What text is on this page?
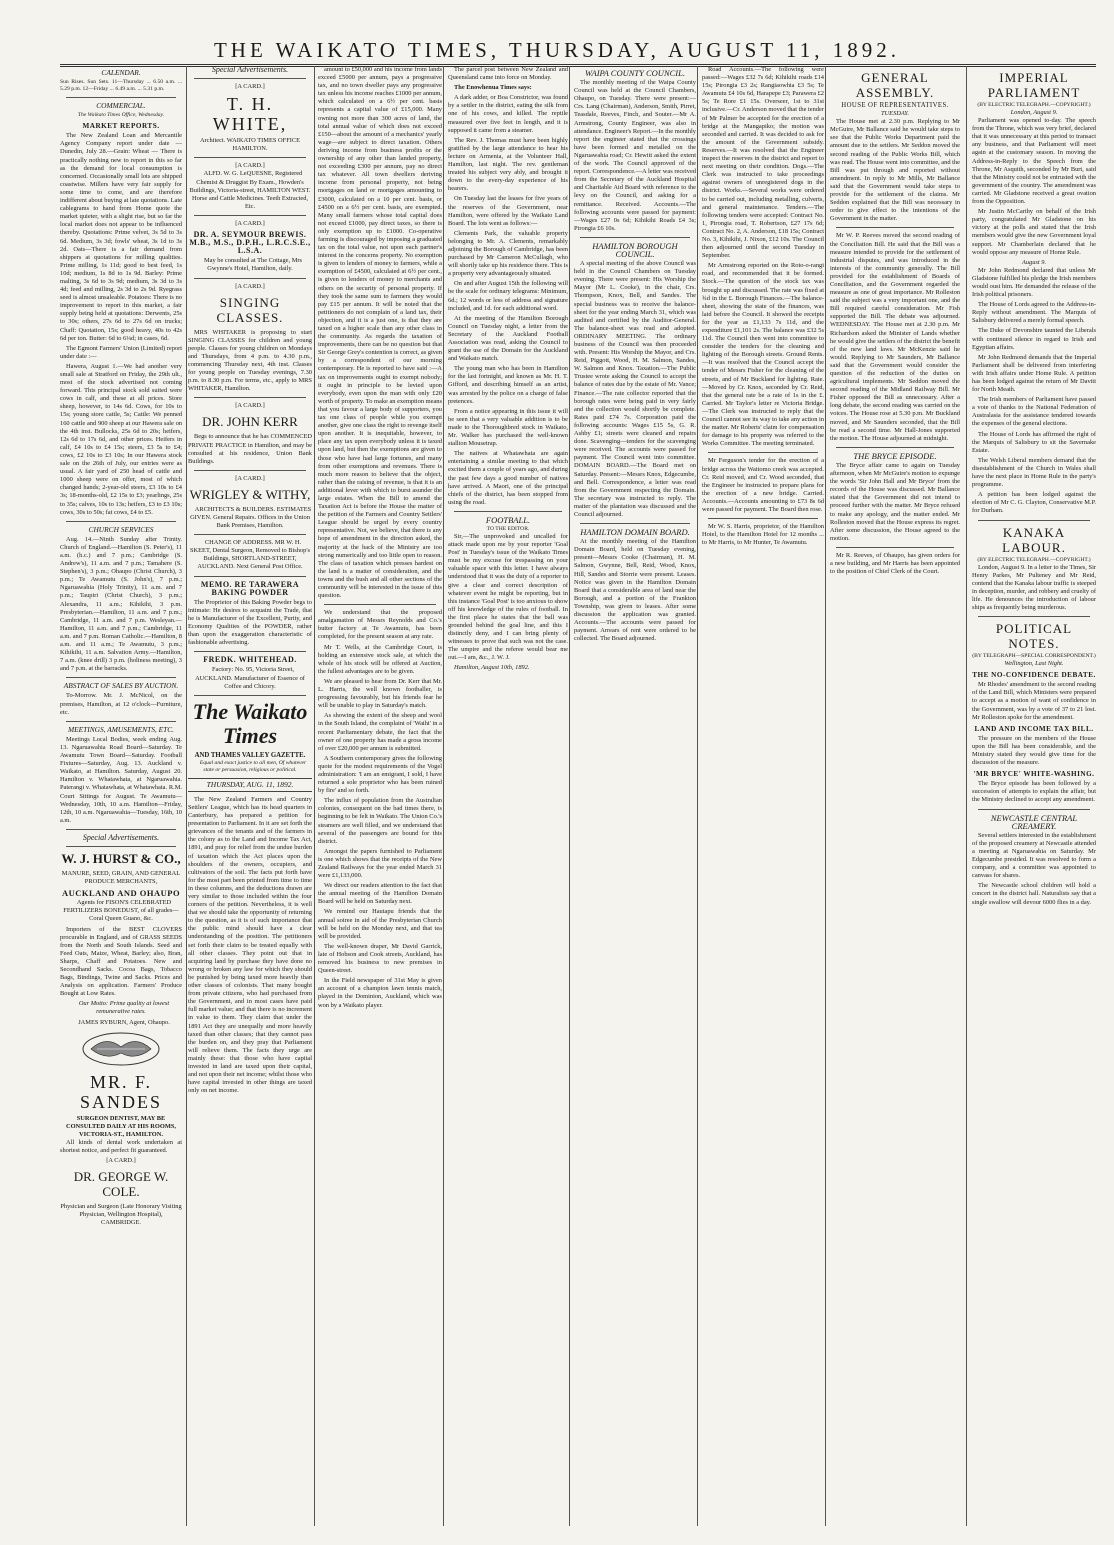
THE WAIKATO TIMES, THURSDAY, AUGUST 11, 1892.
CALENDAR.
Sun Rises. Sun Sets. 11—Thursday ... 6.50 a.m. ... 5.29 p.m. 12—Friday ... 6.49 a.m. ... 5.31 p.m.
COMMERCIAL.
The Waikato Times Office, Wednesday.
MARKET REPORTS.

The New Zealand Loan and Mercantile Agency Company report under date — Dunedin, July 28.—Grain: Wheat — There is practically nothing new to report in this so far as the demand for local consumption is concerned. Occasionally small lots are shipped coastwise. Millers have very fair supply for some time to come, and are therefore indifferent about buying at late quotations. Late cablegrams to hand from Home quote the market quieter, with a slight rise, but so far the local market does not appear to be influenced thereby. Quotations: Prime velvet, 3s 5d to 3s 6d. Medium, 3s 3d; fowls' wheat, 3s 1d to 3s 2d. Oats—There is a fair demand from shippers at quotations for milling qualities. Prime milling, 1s 11d; good to best feed, 1s 10d; medium, 1s 8d to 1s 9d. Barley: Prime malting, 3s 6d to 3s 9d; medium, 3s 3d to 3s 4d; feed and milling, 2s 3d to 2s 9d. Ryegrass seed is almost unsaleable. Potatoes: There is no improvement to report in this market, a fair supply being held at quotations: Derwents, 25s to 30s; others, 27s 6d to 27s 6d on trucks; Chaff: Quotation, 15s; good heavy, 40s to 42s 6d per ton. Butter: 6d to 6¼d; in cases, 6d.

The Egmont Farmers' Union (Limited) report under date :—

Hawera, August 1.—We had another very small sale at Stratford on Friday, the 29th ult., most of the stock advertised not coming forward. This principal stock sold suited were cows in calf, and these at all prices. Store sheep, however, to 14s 6d. Cows, for 10s to 15s; young store cattle, 5s; Cattle: We penned 160 cattle and 900 sheep at our Hawera sale on the 4th inst. Bullocks, 25s 6d to 20s; heifers, 12s 6d to 17s 6d, and other prices. Heifers in calf, £4 10s to £4 15s; steers, £3 5s to £4; cows, £2 10s to £3 10s; In our Hawera stock sale on the 26th of July, our entries were as usual. A fair yard of 250 head of cattle and 1000 sheep were on offer, most of which changed hands; 2-year-old steers, £3 10s to £4 3s; 18-months-old, £2 15s to £3; yearlings, 25s to 35s; calves, 10s to 13s; heifers, £3 to £3 10s; cows, 30s to 50s; fat cows, £4 to £5.

CHURCH SERVICES

Aug. 14.—Ninth Sunday after Trinity. Church of England.—Hamilton (S. Peter's), 11 a.m. (h.c.) and 7 p.m.; Cambridge (S. Andrew's), 11 a.m. and 7 p.m.; Tamahere (S. Stephen's), 3 p.m.; Ohaupo (Christ Church), 3 p.m.; Te Awamutu (S. John's), 7 p.m.; Ngaruawahia (Holy Trinity), 11 a.m. and 7 p.m.; Taupiri (Christ Church), 3 p.m.; Alexandra, 11 a.m.; Kihikihi, 3 p.m. Presbyterian.—Hamilton, 11 a.m. and 7 p.m.; Cambridge, 11 a.m. and 7 p.m. Wesleyan.—Hamilton, 11 a.m. and 7 p.m.; Cambridge, 11 a.m. and 7 p.m. Roman Catholic.—Hamilton, 8 a.m. and 11 a.m.; Te Awamutu, 3 p.m.; Kihikihi, 11 a.m. Salvation Army.—Hamilton, 7 a.m. (knee drill) 3 p.m. (holiness meeting), 3 and 7 p.m. at the barracks.

ABSTRACT OF SALES BY AUCTION.

To-Morrow. Mr. J. McNicol, on the premises, Hamilton, at 12 o'clock—Furniture, etc.

MEETINGS, AMUSEMENTS, ETC.

Meetings Local Bodies, week ending Aug. 13. Ngaruawahia Road Board—Saturday. Te Awamutu Town Board—Saturday. Football Fixtures—Saturday, Aug. 13. Auckland v. Waikato, at Hamilton. Saturday, August 20. Hamilton v. Whatawhata, at Ngaruawahia. Paterangi v. Whatawhata, at Whatawhata. R.M. Court Sittings for August. Te Awamutu—Wednesday, 10th, 10 a.m. Hamilton—Friday, 12th, 10 a.m. Ngaruawahia—Tuesday, 16th, 10 a.m.

Special Advertisements.
W. J. HURST & CO.,
MANURE, SEED, GRAIN, AND GENERAL PRODUCE MERCHANTS,
AUCKLAND AND OHAUPO

Agents for FISON'S CELEBRATED FERTILIZERS BONEDUST, of all grades—Coral Queen Guano, &c.

Importers of the BEST CLOVERS procurable in England, and of GRASS SEEDS from the North and South Islands. Seed and Feed Oats, Maize, Wheat, Barley; also, Bran, Sharps, Chaff and Potatoes. New and Secondhand Sacks. Cocoa Bags, Tobacco Bags, Bindings, Twine and Sacks. Prices and Analysis on application. Farmers' Produce Bought at Low Rates.

Our Motto: Prime quality at lowest remunerative rates.

JAMES RYBURN, Agent, Ohaupo.

MR. F. SANDES
SURGEON DENTIST, MAY BE CONSULTED DAILY AT HIS ROOMS, VICTORIA-ST., HAMILTON.

All kinds of dental work undertaken at shortest notice, and perfect fit guaranteed.

[A CARD.]
DR. GEORGE W. COLE.
Physician and Surgeon (Late Honorary Visiting Physician, Wellington Hospital), CAMBRIDGE.
Special Advertisements.
[A CARD.]
T. H. WHITE,
Architect. WAIKATO TIMES OFFICE HAMILTON.
[A CARD.]

ALFD. W. G. LeQUESNE, Registered Chemist & Druggist By Exam., Howden's Buildings, Victoria-street, HAMILTON WEST. Horse and Cattle Medicines. Teeth Extracted, Etc.

[A CARD.]
DR. A. SEYMOUR BREWIS. M.B., M.S., D.P.H., L.R.C.S.E., L.S.A.

May be consulted at The Cottage, Mrs Gwynne's Hotel, Hamilton, daily.

[A CARD.]
SINGING CLASSES.

MRS WHITAKER is proposing to start SINGING CLASSES for children and young people. Classes for young children on Mondays and Thursdays, from 4 p.m. to 4.30 p.m., commencing Thursday next, 4th inst. Classes for young people on Tuesday evenings, 7.30 p.m. to 8.30 p.m. For terms, etc., apply to MRS WHITAKER, Hamilton.

[A CARD.]
DR. JOHN KERR

Begs to announce that he has COMMENCED PRIVATE PRACTICE in Hamilton, and may be consulted at his residence, Union Bank Buildings.

[A CARD.]
WRIGLEY & WITHY,

ARCHITECTS & BUILDERS. ESTIMATES GIVEN. General Repairs. Offices in the Union Bank Premises, Hamilton.

CHANGE OF ADDRESS. MR W. H. SKEET, Dental Surgeon, Removed to Bishop's Buildings, SHORTLAND-STREET, AUCKLAND. Next General Post Office.

MEMO. RE TARAWERA BAKING POWDER

The Proprietor of this Baking Powder begs to intimate: He desires to acquaint the Trade, that he is Manufacturer of the Excellent, Purity, and Economy Qualities of the POWDER, rather than upon the exaggeration characteristic of fashionable advertising.

FREDK. WHITEHEAD.

Factory: No. 95, Victoria Street, AUCKLAND. Manufacturer of Essence of Coffee and Chicory.

The Waikato Times
AND THAMES VALLEY GAZETTE.

Equal and exact justice to all men, Of whatever state or persuasion, religious or political.

THURSDAY, AUG. 11, 1892.

The New Zealand Farmers and Country Settlers' League, which has its head quarters in Canterbury, has prepared a petition for presentation to Parliament. In it are set forth the grievances of the tenants and of the farmers in the colony as to the Land and Income Tax Act, 1891, and pray for relief from the undue burden of taxation which the Act places upon the shoulders of the owners, occupiers, and cultivators of the soil. The facts put forth have for the most part been printed from time to time in these columns, and the deductions drawn are very similar to those included within the four corners of the petition. Nevertheless, it is well that we should take the opportunity of returning to the question, as it is of such importance that the public mind should have a clear understanding of the position. The petitioners set forth their claim to be treated equally with all other classes. They point out that in acquiring land by purchase they have done no wrong or broken any law for which they should be punished by being taxed more heavily than other classes of colonists. That many bought from private citizens, who had purchased from the Government, and in most cases have paid full market value; and that there is no increment in value to them. They claim that under the 1891 Act they are unequally and more heavily taxed than other classes; that they cannot pass the burden on, and they pray that Parliament will relieve them. The facts they urge are mainly these: that those who have capital invested in land are taxed upon their capital, and not upon their net income; whilst those who have capital invested in other things are taxed only on net income.

amount to £50,000 and his income from lands exceed £5000 per annum, pays a progressive tax, and no town dweller pays any progressive tax unless his income reaches £1000 per annum, which calculated on a 6½ per cent. basis represents a capital value of £15,000. Many owning not more than 300 acres of land, the total annual value of which does not exceed £150—about the amount of a mechanics' yearly wage—are subject to direct taxation. Others deriving income from business profits or the ownership of any other than landed property, not exceeding £300 per annum, pay no direct tax whatever. All town dwellers deriving income from personal property, not being mortgages on land or mortgages amounting to £3000, calculated on a 10 per cent. basis, or £4500 on a 6½ per cent. basis, are exempted. Many small farmers whose total capital does not exceed £1000, pay direct taxes, so there is only exemption up to £1000. Co-operative farming is discouraged by imposing a graduated tax on the total value, not upon each partner's interest in the concerns property. No exemption is given to lenders of money to farmers, while a exemption of £4500, calculated at 6½ per cent., is given to lenders of money to merchants and others on the security of personal property. If they took the same sum to farmers they would pay £15 per annum. It will be noted that the petitioners do not complain of a land tax, their objection, and it is a just one, is that they are taxed on a higher scale than any other class in the community. As regards the taxation of improvements, there can be no question but that Sir George Grey's contention is correct, as given by a correspondent of our morning contemporary. He is reported to have said :—A tax on improvements ought to exempt nobody; it ought in principle to be levied upon everybody, even upon the man with only £20 worth of property. To make an exemption means that you favour a large body of supporters, you tax one class of people while you exempt another, give one class the right to revenge itself upon another. It is inequitable, however, to place any tax upon everybody unless it is taxed upon land, but then the exemptions are given to those who have had large fortunes, and many from other exemptions and revenues. There is much more reason to believe that the object, rather than the raising of revenue, is that it is an additional lever with which to burst asunder the large estates. When the Bill to amend the Taxation Act is before the House the matter of the petition of the Farmers and Country Settlers' League should be urged by every country representative. Not, we believe, that there is any hope of amendment in the direction asked, the majority at the back of the Ministry are too strong numerically and too little open to reason. The class of taxation which presses hardest on the land is a matter of consideration, and the towns and the bush and all other sections of the community will be interested in the issue of this question.

We understand that the proposed amalgamation of Messrs Reynolds and Co.'s butter factory at Te Awamutu, has been completed, for the present season at any rate.

Mr T. Wells, at the Cambridge Court, is holding an extensive stock sale, at which the whole of his stock will be offered at Auction, the fullest advantages are to be given.

We are pleased to hear from Dr. Kerr that Mr. L. Harris, the well known footballer, is progressing favourably, but his friends fear he will be unable to play in Saturday's match.

As showing the extent of the sheep and wool in the South Island, the complaint of 'Waihi' in a recent Parliamentary debate, the fact that the owner of one property has made a gross income of over £20,000 per annum is submitted.

A Southern contemporary gives the following quote for the modest requirements of the Vogel administration: 'I am an emigrant, I sold, I have returned a sole proprietor who has been ruined by fire' and so forth.

The influx of population from the Australian colonies, consequent on the bad times there, is beginning to be felt in Waikato. The Union Co.'s steamers are well filled, and we understand that several of the passengers are bound for this district.

Amongst the papers furnished to Parliament is one which shows that the receipts of the New Zealand Railways for the year ended March 31 were £1,133,000.

We direct our readers attention to the fact that the annual meeting of the Hamilton Domain Board will be held on Saturday next.

We remind our Hautapu friends that the annual soiree in aid of the Presbyterian Church will be held on the Monday next, and that tea will be provided.

The well-known draper, Mr David Garrick, late of Hobson and Cook streets, Auckland, has removed his business to new premises in Queen-street.

In the Field newspaper of 31st May is given an account of a champion lawn tennis match, played in the Dominion, Auckland, which was won by a Waikato player.

The parcel post between New Zealand and Queensland came into force on Monday.

The Enowhenua Times says:

A dark adder, or Boa Constrictor, was found by a settler in the district, eating the silk from one of his cows, and killed. The reptile measured over five feet in length, and it is supposed it came from a steamer.

The Rev. J. Thomas must have been highly gratified by the large attendance to hear his lecture on Armenia, at the Volunteer Hall, Hamilton, last night. The rev. gentleman treated his subject very ably, and brought it down to the every-day experience of his hearers.

On Tuesday last the leases for five years of the reserves of the Government, near Hamilton, were offered by the Waikato Land Board. The lots went as follows:—

Clements Park, the valuable property belonging to Mr. A. Clements, remarkably adjoining the Borough of Cambridge, has been purchased by Mr Cameron McCullagh, who will shortly take up his residence there. This is a property very advantageously situated.

On and after August 15th the following will be the scale for ordinary telegrams: Minimum, 6d.; 12 words or less of address and signature included, and 1d. for each additional word.

At the meeting of the Hamilton Borough Council on Tuesday night, a letter from the Secretary of the Auckland Football Association was read, asking the Council to grant the use of the Domain for the Auckland and Waikato match.

The young man who has been in Hamilton for the last fortnight, and known as Mr. H. T. Gifford, and describing himself as an artist, was arrested by the police on a charge of false pretences.

From a notice appearing in this issue it will be seen that a very valuable addition is to be made to the Thoroughbred stock in Waikato, Mr. Walker has purchased the well-known stallion Mousetrap.

The natives at Whatawhata are again entertaining a similar meeting to that which excited them a couple of years ago, and during the past few days a good number of natives have arrived. A Maori, one of the principal chiefs of the district, has been stopped from using the road.

FOOTBALL.
TO THE EDITOR.

Sir,—The unprovoked and uncalled for attack made upon me by your reporter 'Goal Post' in Tuesday's issue of the Waikato Times must be my excuse for trespassing on your valuable space with this letter. I have always understood that it was the duty of a reporter to give a clear and correct description of whatever event he might be reporting, but in this instance 'Goal Post' is too anxious to show off his knowledge of the rules of football. In the first place he states that the ball was grounded behind the goal line, and this I distinctly deny, and I can bring plenty of witnesses to prove that such was not the case. The umpire and the referee would bear me out.—I am, &c., J. W. J.

Hamilton, August 10th, 1892.

WAIPA COUNTY COUNCIL.

The monthly meeting of the Waipa County Council was held at the Council Chambers, Ohaupo, on Tuesday. There were present:—Crs. Lang (Chairman), Anderson, Smith, Pirret, Teasdale, Reeves, Finch, and Souter.—Mr A. Armstrong, County Engineer, was also in attendance. Engineer's Report.—In the monthly report the engineer stated that the crossings have been formed and metalled on the Ngaruawahia road; Cr. Hewitt asked the extent of the work. The Council approved of the report. Correspondence.—A letter was received from the Secretary of the Auckland Hospital and Charitable Aid Board with reference to the levy on the Council, and asking for a remittance. Received. Accounts.—The following accounts were passed for payment:—Wages £27 0s 6d; Kihikihi Roads £4 3s; Pirongia £6 10s.

HAMILTON BOROUGH COUNCIL.

A special meeting of the above Council was held in the Council Chambers on Tuesday evening. There were present: His Worship the Mayor (Mr L. Cooke), in the chair, Crs. Thompson, Knox, Bell, and Sandes. The special business was to receive the balance-sheet for the year ending March 31, which was audited and certified by the Auditor-General. The balance-sheet was read and adopted. ORDINARY MEETING. The ordinary business of the Council was then proceeded with. Present: His Worship the Mayor, and Crs. Reid, Piggott, Wood, H. M. Salmon, Sandes, W. Salmon and Knox. Taxation.—The Public Trustee wrote asking the Council to accept the balance of rates due by the estate of Mr. Vance; Finance.—The rate collector reported that the borough rates were being paid in very fairly and the collection would shortly be complete. Rates paid £74 7s. Corporation paid the following accounts: Wages £15 5s, G. R. Ashby £1; streets were cleaned and repairs done. Scavenging—tenders for the scavenging were received. The accounts were passed for payment. The Council went into committee. DOMAIN BOARD.—The Board met on Saturday. Present:—Messrs Knox, Edgecumbe, and Bell. Correspondence, a letter was read from the Government respecting the Domain. The secretary was instructed to reply. The matter of the plantation was discussed and the Council adjourned.

HAMILTON DOMAIN BOARD.

At the monthly meeting of the Hamilton Domain Board, held on Tuesday evening, present—Messrs Cooke (Chairman), H. M. Salmon, Gwynne, Bell, Reid, Wood, Knox, Hill, Sandes and Storrie were present. Leases. Notice was given in the Hamilton Domain Board that a considerable area of land near the Borough, and a portion of the Frankton Township, was given to leases. After some discussion the application was granted. Accounts.—The accounts were passed for payment. Arrears of rent were ordered to be collected. The Board adjourned.

Road Accounts.—The following were passed:—Wages £32 7s 6d; Kihikihi roads £14 15s; Pirongia £3 2s; Rangiaowhia £3 5s; Te Awamutu £4 10s 6d, Harapepe £3; Parawera £2 5s; Te Rore £1 15s. Overseer, 1st to 31st inclusive.—Cr. Anderson moved that the tender of Mr Palmer be accepted for the erection of a bridge at the Mangapiko; the motion was seconded and carried. It was decided to ask for the amount of the Government subsidy. Reserves.—It was resolved that the Engineer inspect the reserves in the district and report to next meeting on their condition. Dogs.—The Clerk was instructed to take proceedings against owners of unregistered dogs in the district. Works.—Several works were ordered to be carried out, including metalling, culverts, and general maintenance. Tenders.—The following tenders were accepted: Contract No. 1, Pirongia road, T. Robertson, £27 17s 6d; Contract No. 2, A. Anderson, £18 15s; Contract No. 3, Kihikihi, J. Nixon, £12 10s. The Council then adjourned until the second Tuesday in September.

Mr Armstrong reported on the Roto-o-rangi road, and recommended that it be formed. Stock.—The question of the stock tax was brought up and discussed. The rate was fixed at ¾d in the £. Borough Finances.—The balance-sheet, showing the state of the finances, was laid before the Council. It showed the receipts for the year as £1,133 7s 11d, and the expenditure £1,101 2s. The balance was £32 5s 11d. The Council then went into committee to consider the tenders for the cleaning and lighting of the Borough streets. Ground Rents.—It was resolved that the Council accept the tender of Messrs Fisher for the cleaning of the streets, and of Mr Buckland for lighting. Rate.—Moved by Cr. Knox, seconded by Cr. Reid, that the general rate be a rate of 1s in the £. Carried. Mr Taylor's letter re Victoria Bridge.—The Clerk was instructed to reply that the Council cannot see its way to take any action in the matter. Mr Roberts' claim for compensation for damage to his property was referred to the Works Committee. The meeting terminated.

Mr Ferguson's tender for the erection of a bridge across the Waitomo creek was accepted. Cr. Reid moved, and Cr. Wood seconded, that the Engineer be instructed to prepare plans for the erection of a new bridge. Carried. Accounts.—Accounts amounting to £73 8s 6d were passed for payment. The Board then rose.

Mr W. S. Harris, proprietor, of the Hamilton Hotel, to the Hamilton Hotel for 12 months ... to Mr Harris, to Mr Hunter, Te Awamutu.

GENERAL ASSEMBLY.
HOUSE OF REPRESENTATIVES.
TUESDAY.

The House met at 2.30 p.m. Replying to Mr McGuire, Mr Ballance said he would take steps to see that the Public Works Department paid the amount due to the settlers. Mr Seddon moved the second reading of the Public Works Bill, which was read. The House went into committee, and the Bill was put through and reported without amendment. In reply to Mr Mills, Mr Ballance said that the Government would take steps to provide for the settlement of the claims. Mr Seddon explained that the Bill was necessary in order to give effect to the intentions of the Government in the matter.

Mr W. P. Reeves moved the second reading of the Conciliation Bill. He said that the Bill was a measure intended to provide for the settlement of industrial disputes, and was introduced in the interests of the community generally. The Bill provided for the establishment of Boards of Conciliation, and the Government regarded the measure as one of great importance. Mr Rolleston said the subject was a very important one, and the Bill required careful consideration. Mr Fish supported the Bill. The debate was adjourned. WEDNESDAY. The House met at 2.30 p.m. Mr Richardson asked the Minister of Lands whether he would give the settlers of the district the benefit of the new land laws. Mr McKenzie said he would. Replying to Mr Saunders, Mr Ballance said that the Government would consider the question of the reduction of the duties on agricultural implements. Mr Seddon moved the second reading of the Midland Railway Bill. Mr Fisher opposed the Bill as unnecessary. After a long debate, the second reading was carried on the voices. The House rose at 5.30 p.m. Mr Buckland moved, and Mr Saunders seconded, that the Bill be read a second time. Mr Hall-Jones supported the motion. The House adjourned at midnight.

THE BRYCE EPISODE.

The Bryce affair came to again on Tuesday afternoon, when Mr McGuire's motion to expunge the words 'Sir John Hall and Mr Bryce' from the records of the House was discussed. Mr Ballance stated that the Government did not intend to proceed further with the matter. Mr Bryce refused to make any apology, and the matter ended. Mr Rolleston moved that the House express its regret. After some discussion, the House agreed to the motion.

Mr R. Reeves, of Ohaupo, has given orders for a new building, and Mr Harris has been appointed to the position of Chief Clerk of the Court.

IMPERIAL PARLIAMENT
(BY ELECTRIC TELEGRAPH.—COPYRIGHT.)
London, August 9.

Parliament was opened to-day. The speech from the Throne, which was very brief, declared that it was unnecessary at this period to transact any business, and that Parliament will meet again at the customary season. In moving the Address-in-Reply to the Speech from the Throne, Mr Asquith, seconded by Mr Burt, said that the Ministry could not be entrusted with the government of the country. The amendment was carried. Mr Gladstone received a great ovation from the Opposition.

Mr Justin McCarthy on behalf of the Irish party, congratulated Mr Gladstone on his victory at the polls and stated that the Irish members would give the new Government loyal support. Mr Chamberlain declared that he would oppose any measure of Home Rule.

August 9.

Mr John Redmond declared that unless Mr Gladstone fulfilled his pledge the Irish members would oust him. He demanded the release of the Irish political prisoners.

The House of Lords agreed to the Address-in-Reply without amendment. The Marquis of Salisbury delivered a merely formal speech.

The Duke of Devonshire taunted the Liberals with continued silence in regard to Irish and Egyptian affairs.

Mr John Redmond demands that the Imperial Parliament shall be delivered from interfering with Irish affairs under Home Rule. A petition has been lodged against the return of Mr Davitt for North Meath.

The Irish members of Parliament have passed a vote of thanks to the National Federation of Australasia for the assistance tendered towards the expenses of the general elections.

The House of Lords has affirmed the right of the Marquis of Salisbury to sit the Savernake Estate.

The Welsh Liberal members demand that the disestablishment of the Church in Wales shall have the next place in Home Rule in the party's programme.

A petition has been lodged against the election of Mr C. G. Clayton, Conservative M.P. for Durham.

KANAKA LABOUR.
(BY ELECTRIC TELEGRAPH.—COPYRIGHT.)

London, August 9. In a letter to the Times, Sir Henry Parkes, Mr Pulteney and Mr Reid, contend that the Kanaka labour traffic is steeped in deception, murder, and robbery and cruelty of life. He denounces the introduction of labour ships as frequently being murderous.

POLITICAL NOTES.
(BY TELEGRAPH—SPECIAL CORRESPONDENT.)
Wellington, Last Night.
THE NO-CONFIDENCE DEBATE.

Mr Rhodes' amendment to the second reading of the Land Bill, which Ministers were prepared to accept as a motion of want of confidence in the Government, was by a vote of 37 to 21 lost. Mr Rolleston spoke for the amendment.

LAND AND INCOME TAX BILL.

The pressure on the members of the House upon the Bill has been considerable, and the Ministry stated they would give time for the discussion of the measure.

'MR BRYCE' WHITE-WASHING.

The Bryce episode has been followed by a succession of attempts to explain the affair, but the Ministry declined to accept any amendment.

NEWCASTLE CENTRAL CREAMERY.

Several settlers interested in the establishment of the proposed creamery at Newcastle attended a meeting at Ngaruawahia on Saturday. Mr Edgecumbe presided. It was resolved to form a company, and a committee was appointed to canvass for shares.

The Newcastle school children will hold a concert in the district hall. Naturalists say that a single swallow will devour 6000 flies in a day.
